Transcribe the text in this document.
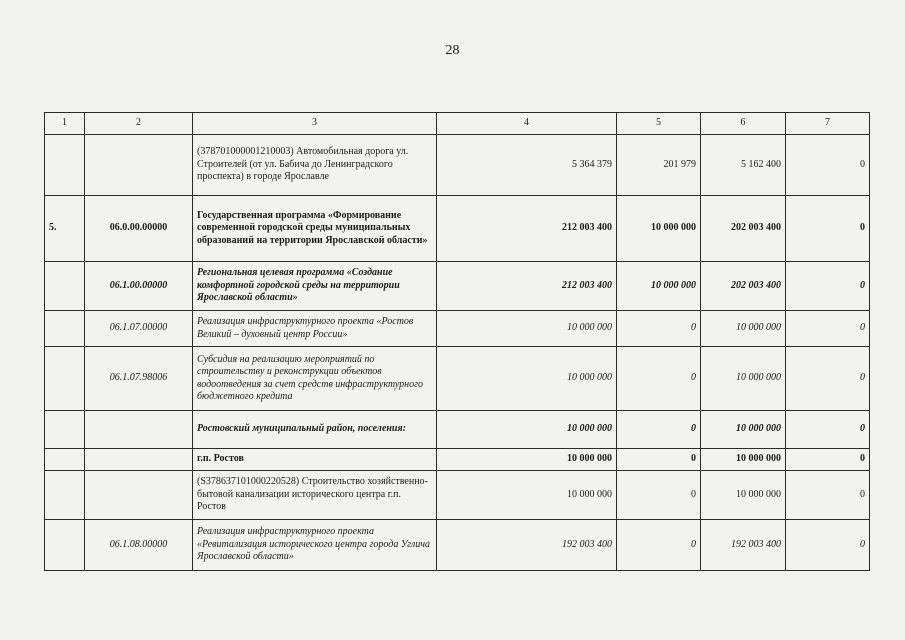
28
1	2	3	4	5	6	7
		(378701000001210003) Автомобильная дорога ул. Строителей (от ул. Бабича до Ленинградского проспекта) в городе Ярославле	5 364 379	201 979	5 162 400	0
5.	06.0.00.00000	Государственная программа «Формирование современной городской среды муниципальных образований на территории Ярославской области»	212 003 400	10 000 000	202 003 400	0
	06.1.00.00000	Региональная целевая программа «Создание комфортной городской среды на территории Ярославской области»	212 003 400	10 000 000	202 003 400	0
	06.1.07.00000	Реализация инфраструктурного проекта «Ростов Великий – духовный центр России»	10 000 000	0	10 000 000	0
	06.1.07.98006	Субсидия на реализацию мероприятий по строительству и реконструкции объектов водоотведения за счет средств инфраструктурного бюджетного кредита	10 000 000	0	10 000 000	0
		Ростовский муниципальный район, поселения:	10 000 000	0	10 000 000	0
		г.п. Ростов	10 000 000	0	10 000 000	0
		(S378637101000220528) Строительство хозяйственно-бытовой канализации исторического центра г.п. Ростов	10 000 000	0	10 000 000	0
	06.1.08.00000	Реализация инфраструктурного проекта «Ревитализация исторического центра города Углича Ярославской области»	192 003 400	0	192 003 400	0
